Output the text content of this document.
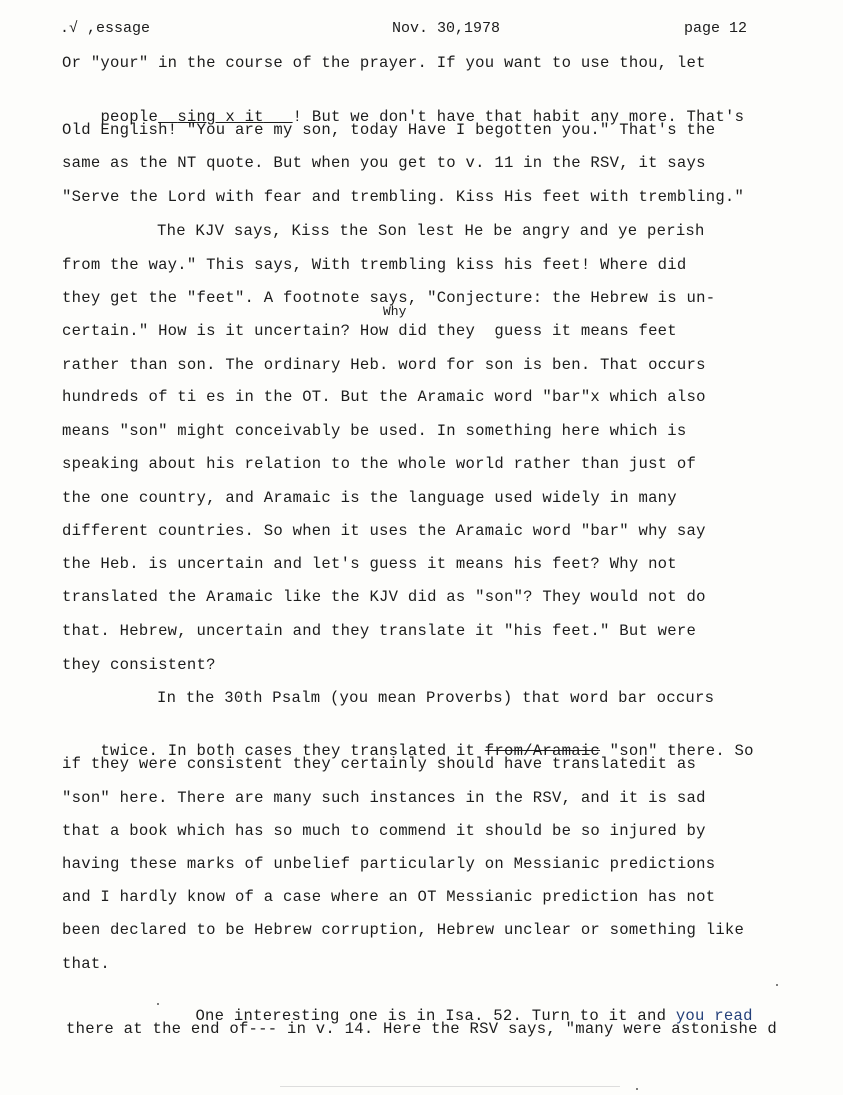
.√ ,essage	Nov. 30,1978	page 12
Or "your" in the course of the prayer. If you want to use thou, let

people sing x it ! But we don't have that habit any more. That's

Old English! "You are my son, today Have I begotten you." That's the
same as the NT quote. But when you get to v. 11 in the RSV, it says
"Serve the Lord with fear and trembling. Kiss His feet with trembling."
The KJV says, Kiss the Son lest He be angry and ye perish
from the way." This says, With trembling kiss his feet! Where did
they get the "feet". A footnote says, "Conjecture: the Hebrew is un-
Why
certain." How is it uncertain? How did they  guess it means feet
rather than son. The ordinary Heb. word for son is ben. That occurs
hundreds of ti es in the OT. But the Aramaic word "bar"x which also
means "son" might conceivably be used. In something here which is
speaking about his relation to the whole world rather than just of
the one country, and Aramaic is the language used widely in many
different countries. So when it uses the Aramaic word "bar" why say
the Heb. is uncertain and let's guess it means his feet? Why not
translated the Aramaic like the KJV did as "son"? They would not do
that. Hebrew, uncertain and they translate it "his feet." But were
they consistent?
In the 30th Psalm (you mean Proverbs) that word bar occurs

twice. In both cases they translated it from/Aramaic "son" there. So

if they were consistent they certainly should have translatedit as
"son" here. There are many such instances in the RSV, and it is sad
that a book which has so much to commend it should be so injured by
having these marks of unbelief particularly on Messianic predictions
and I hardly know of a case where an OT Messianic prediction has not
been declared to be Hebrew corruption, Hebrew unclear or something like
that.

One interesting one is in Isa. 52. Turn to it and you read

there at the end of--- in v. 14. Here the RSV says, "many were astonishe d
